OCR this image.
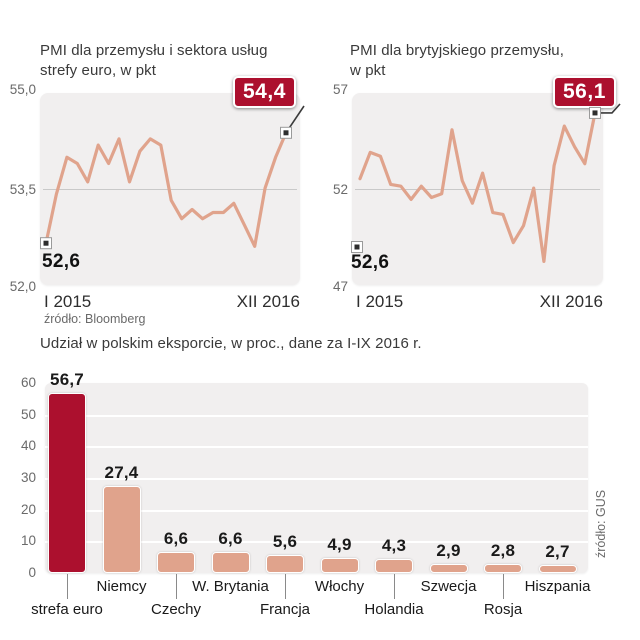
PMI dla przemysłu i sektora usług
strefy euro, w pkt
55,0
53,5
52,0
I 2015	XII 2016
52,6
54,4
źródło: Bloomberg
PMI dla brytyjskiego przemysłu,
w pkt
57
52
47
I 2015	XII 2016
52,6
56,1
Udział w polskim eksporcie, w proc., dane za I-IX 2016 r.
60
50
40
30
20
10
0
56,7
strefa euro
27,4
Niemcy
6,6
Czechy
6,6
W. Brytania
5,6
Francja
4,9
Włochy
4,3
Holandia
2,9
Szwecja
2,8
Rosja
2,7
Hiszpania
źródło: GUS
